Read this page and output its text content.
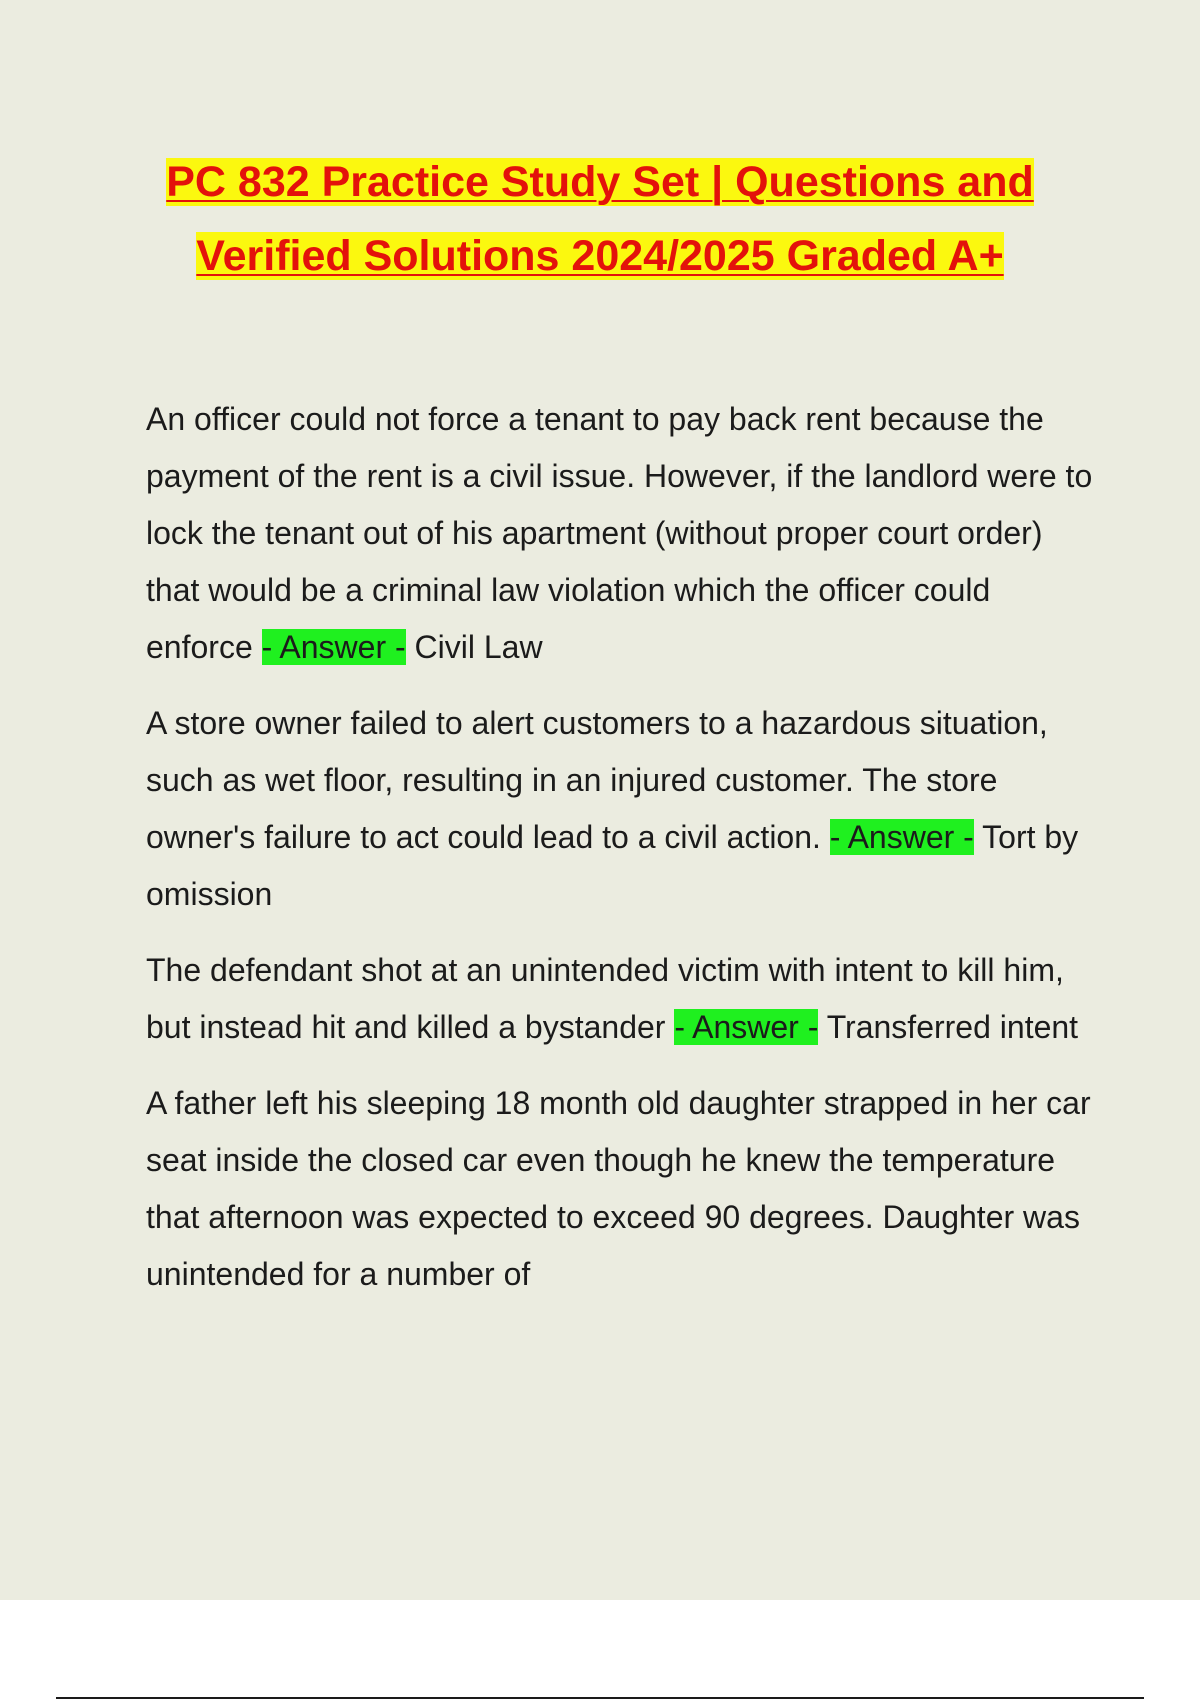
PC 832 Practice Study Set | Questions and
Verified Solutions 2024/2025 Graded A+

An officer could not force a tenant to pay back rent because the payment of the rent is a civil issue. However, if the landlord were to lock the tenant out of his apartment (without proper court order) that would be a criminal law violation which the officer could enforce - Answer - Civil Law

A store owner failed to alert customers to a hazardous situation, such as wet floor, resulting in an injured customer. The store owner's failure to act could lead to a civil action. - Answer - Tort by omission

The defendant shot at an unintended victim with intent to kill him, but instead hit and killed a bystander - Answer - Transferred intent

A father left his sleeping 18 month old daughter strapped in her car seat inside the closed car even though he knew the temperature that afternoon was expected to exceed 90 degrees. Daughter was unintended for a number of
